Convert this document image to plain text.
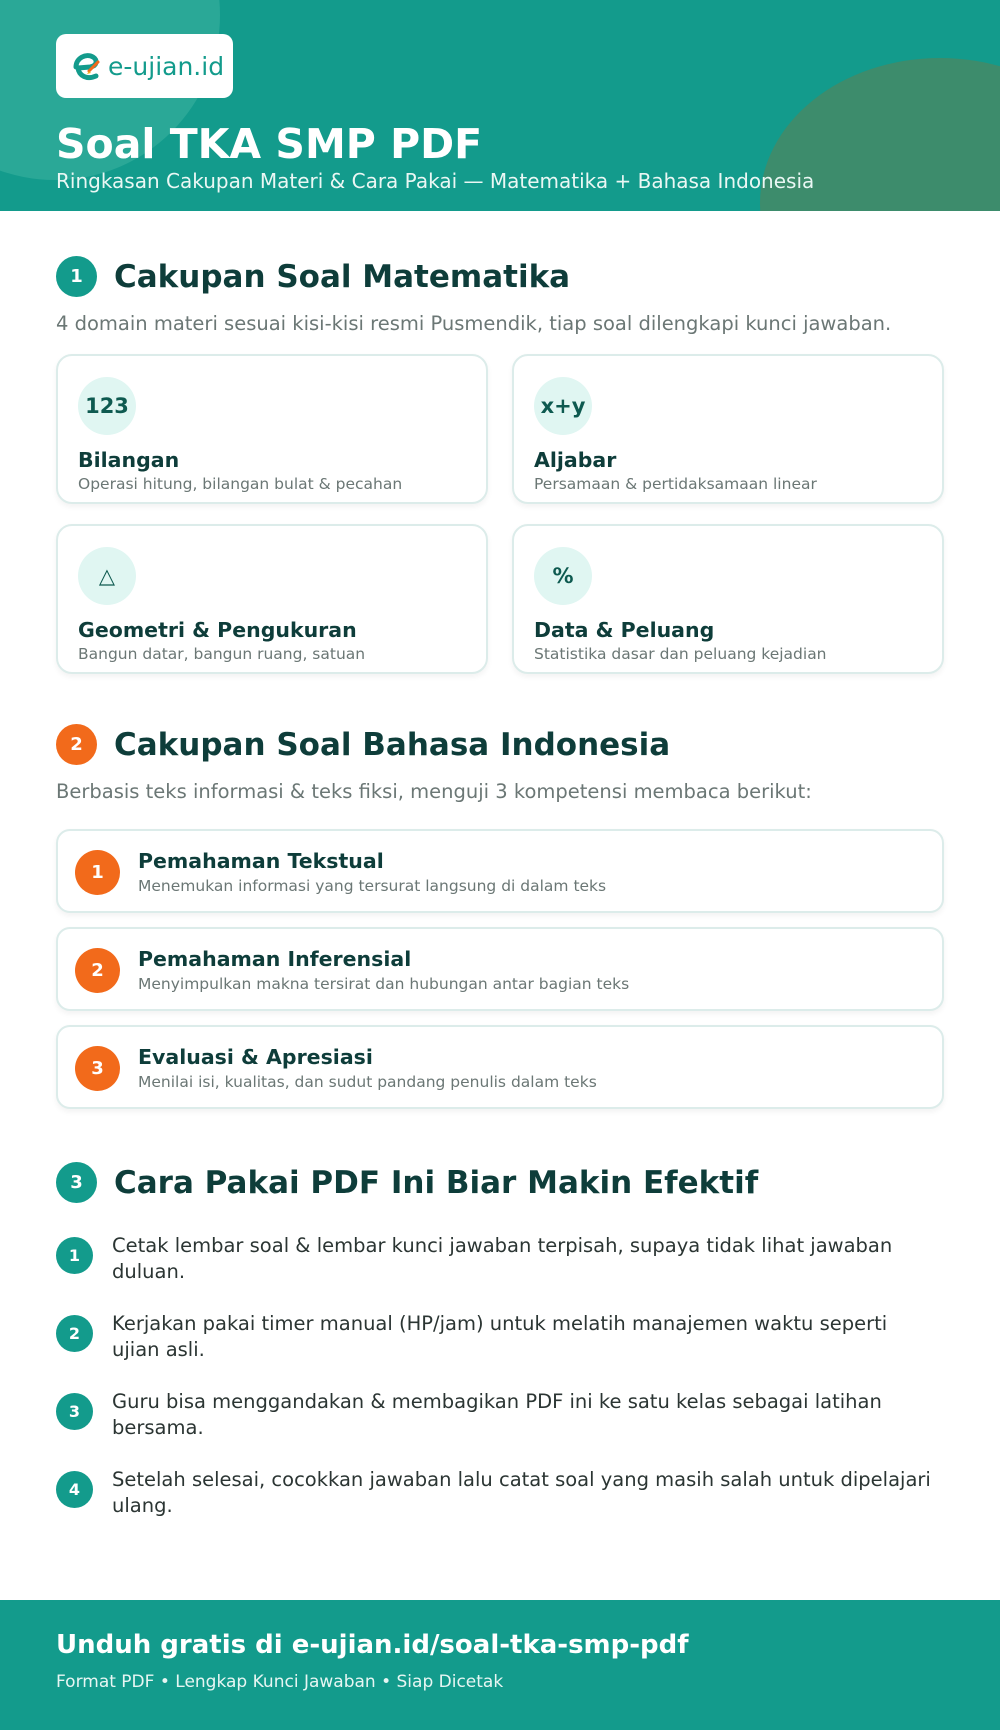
e-ujian.id
Soal TKA SMP PDF
Ringkasan Cakupan Materi & Cara Pakai — Matematika + Bahasa Indonesia
1	Cakupan Soal Matematika
4 domain materi sesuai kisi-kisi resmi Pusmendik, tiap soal dilengkapi kunci jawaban.
123
Bilangan
Operasi hitung, bilangan bulat & pecahan
x+y
Aljabar
Persamaan & pertidaksamaan linear
△
Geometri & Pengukuran
Bangun datar, bangun ruang, satuan
%
Data & Peluang
Statistika dasar dan peluang kejadian
2	Cakupan Soal Bahasa Indonesia
Berbasis teks informasi & teks fiksi, menguji 3 kompetensi membaca berikut:
1	Pemahaman Tekstual
Menemukan informasi yang tersurat langsung di dalam teks
2	Pemahaman Inferensial
Menyimpulkan makna tersirat dan hubungan antar bagian teks
3	Evaluasi & Apresiasi
Menilai isi, kualitas, dan sudut pandang penulis dalam teks
3	Cara Pakai PDF Ini Biar Makin Efektif
1	Cetak lembar soal & lembar kunci jawaban terpisah, supaya tidak lihat jawaban duluan.
2	Kerjakan pakai timer manual (HP/jam) untuk melatih manajemen waktu seperti ujian asli.
3	Guru bisa menggandakan & membagikan PDF ini ke satu kelas sebagai latihan bersama.
4	Setelah selesai, cocokkan jawaban lalu catat soal yang masih salah untuk dipelajari ulang.
Unduh gratis di e-ujian.id/soal-tka-smp-pdf
Format PDF • Lengkap Kunci Jawaban • Siap Dicetak
